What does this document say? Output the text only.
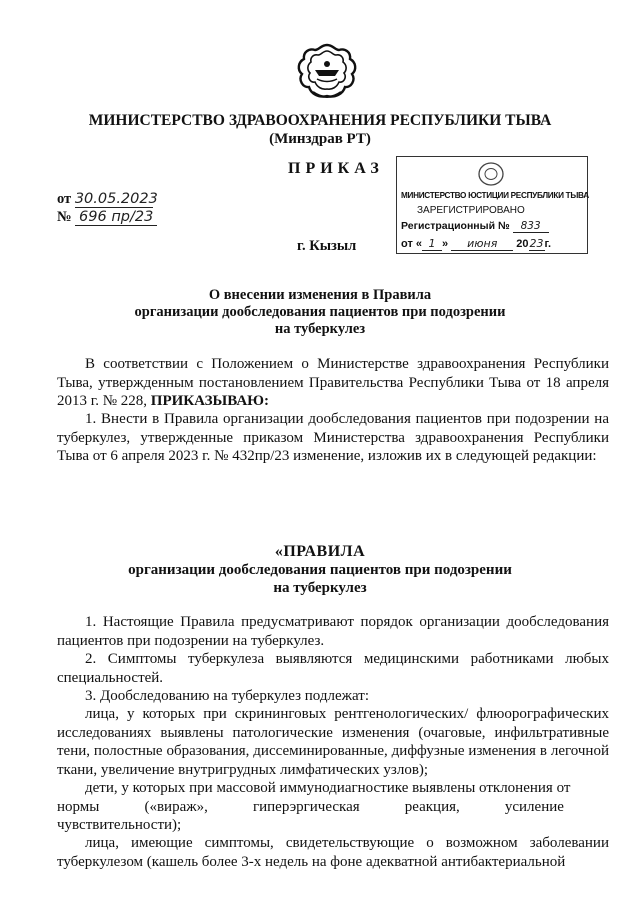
МИНИСТЕРСТВО ЗДРАВООХРАНЕНИЯ РЕСПУБЛИКИ ТЫВА
(Минздрав РТ)
ПРИКАЗ
МИНИСТЕРСТВО ЮСТИЦИИ РЕСПУБЛИКИ ТЫВА
ЗАРЕГИСТРИРОВАНО
Регистрационный № 833
от « 1 » июня 2023г.
от 30.05.2023
№ 696 пр/23
г. Кызыл
О внесении изменения в Правила
организации дообследования пациентов при подозрении
на туберкулез
В соответствии с Положением о Министерстве здравоохранения Республики Тыва, утвержденным постановлением Правительства Республики Тыва от 18 апреля 2013 г. № 228, ПРИКАЗЫВАЮ:
1. Внести в Правила организации дообследования пациентов при подозрении на туберкулез, утвержденные приказом Министерства здравоохранения Республики Тыва от 6 апреля 2023 г. № 432пр/23 изменение, изложив их в следующей редакции:
«ПРАВИЛА
организации дообследования пациентов при подозрении
на туберкулез
1. Настоящие Правила предусматривают порядок организации дообследования пациентов при подозрении на туберкулез.
2. Симптомы туберкулеза выявляются медицинскими работниками любых специальностей.
3. Дообследованию на туберкулез подлежат:
лица, у которых при скрининговых рентгенологических/ флюорографических исследованиях выявлены патологические изменения (очаговые, инфильтративные тени, полостные образования, диссеминированные, диффузные изменения в легочной ткани, увеличение внутригрудных лимфатических узлов);
дети, у которых при массовой иммунодиагностике выявлены отклонения от
нормы	(«вираж»,	гиперэргическая	реакция,	усиление
чувствительности);
лица, имеющие симптомы, свидетельствующие о возможном заболевании туберкулезом (кашель более 3-х недель на фоне адекватной антибактериальной
